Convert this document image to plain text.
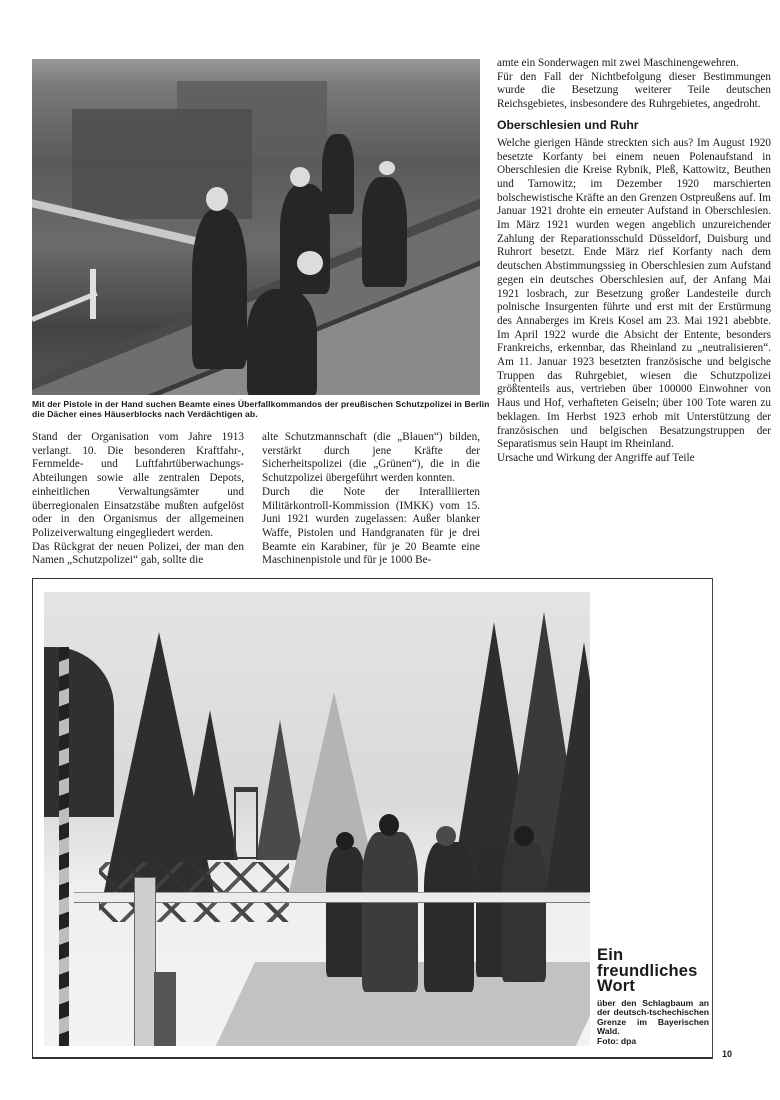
Mit der Pistole in der Hand suchen Beamte eines Überfallkommandos der preußischen Schutzpolizei in Berlin die Dächer eines Häuserblocks nach Verdächtigen ab.

Stand der Organisation vom Jahre 1913 verlangt. 10. Die besonderen Kraftfahr-, Fernmelde- und Luftfahrtüberwachungs-Abteilungen sowie alle zentralen Depots, einheitlichen Verwaltungsämter und überregionalen Einsatzstäbe mußten aufgelöst oder in den Organismus der allgemeinen Polizeiverwaltung eingegliedert werden.

Das Rückgrat der neuen Polizei, der man den Namen „Schutzpolizei“ gab, sollte die

alte Schutzmannschaft (die „Blauen“) bilden, verstärkt durch jene Kräfte der Sicherheitspolizei (die „Grünen“), die in die Schutzpolizei übergeführt werden konnten.

Durch die Note der Interalliierten Militärkontroll-Kommission (IMKK) vom 15. Juni 1921 wurden zugelassen: Außer blanker Waffe, Pistolen und Handgranaten für je drei Beamte ein Karabiner, für je 20 Beamte eine Maschinenpistole und für je 1000 Be-

amte ein Sonderwagen mit zwei Maschinengewehren.

Für den Fall der Nichtbefolgung dieser Bestimmungen wurde die Besetzung weiterer Teile deutschen Reichsgebietes, insbesondere des Ruhrgebietes, angedroht.

Oberschlesien und Ruhr

Welche gierigen Hände streckten sich aus? Im August 1920 besetzte Korfanty bei einem neuen Polenaufstand in Oberschlesien die Kreise Rybnik, Pleß, Kattowitz, Beuthen und Tarnowitz; im Dezember 1920 marschierten bolschewistische Kräfte an den Grenzen Ostpreußens auf. Im Januar 1921 drohte ein erneuter Aufstand in Oberschlesien. Im März 1921 wurden wegen angeblich unzureichender Zahlung der Reparationsschuld Düsseldorf, Duisburg und Ruhrort besetzt. Ende März rief Korfanty nach dem deutschen Abstimmungssieg in Oberschlesien zum Aufstand gegen ein deutsches Oberschlesien auf, der Anfang Mai 1921 losbrach, zur Besetzung großer Landesteile durch polnische Insurgenten führte und erst mit der Erstürmung des Annaberges im Kreis Kosel am 23. Mai 1921 abebbte. Im April 1922 wurde die Absicht der Entente, besonders Frankreichs, erkennbar, das Rheinland zu „neutralisieren“. Am 11. Januar 1923 besetzten französische und belgische Truppen das Ruhrgebiet, wiesen die Schutzpolizei größtenteils aus, vertrieben über 100000 Einwohner von Haus und Hof, verhafteten Geiseln; über 100 Tote waren zu beklagen. Im Herbst 1923 erhob mit Unterstützung der französischen und belgischen Besatzungstruppen der Separatismus sein Haupt im Rheinland.

Ursache und Wirkung der Angriffe auf Teile

Ein
freundliches
Wort
über den Schlagbaum an der deutsch-tschechischen Grenze im Bayerischen Wald.
Foto: dpa
10
